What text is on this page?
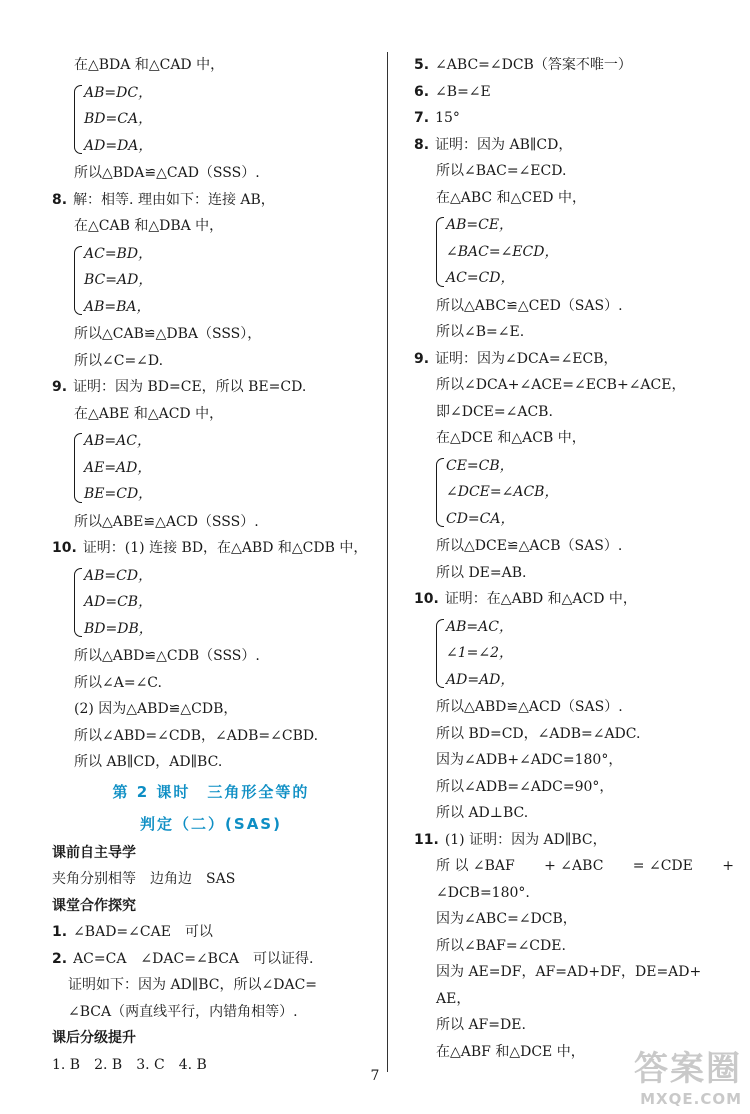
在△BDA 和△CAD 中，
AB=DC，
BD=CA，
AD=DA，
所以△BDA≌△CAD（SSS）.
8. 解：相等. 理由如下：连接 AB，
在△CAB 和△DBA 中，
AC=BD，
BC=AD，
AB=BA，
所以△CAB≌△DBA（SSS），
所以∠C=∠D.
9. 证明：因为 BD=CE，所以 BE=CD.
在△ABE 和△ACD 中，
AB=AC，
AE=AD，
BE=CD，
所以△ABE≌△ACD（SSS）.
10. 证明：(1) 连接 BD，在△ABD 和△CDB 中，
AB=CD，
AD=CB，
BD=DB，
所以△ABD≌△CDB（SSS）.
所以∠A=∠C.
(2) 因为△ABD≌△CDB，
所以∠ABD=∠CDB，∠ADB=∠CBD.
所以 AB∥CD，AD∥BC.
第 2 课时　三角形全等的
判定（二）(SAS)
课前自主导学
夹角分别相等　边角边　SAS
课堂合作探究
1. ∠BAD=∠CAE　可以
2. AC=CA　∠DAC=∠BCA　可以证得.
证明如下：因为 AD∥BC，所以∠DAC=
∠BCA（两直线平行，内错角相等）.
课后分级提升
1. B　2. B　3. C　4. B
5. ∠ABC=∠DCB（答案不唯一）
6. ∠B=∠E
7. 15°
8. 证明：因为 AB∥CD，
所以∠BAC=∠ECD.
在△ABC 和△CED 中，
AB=CE，
∠BAC=∠ECD，
AC=CD，
所以△ABC≌△CED（SAS）.
所以∠B=∠E.
9. 证明：因为∠DCA=∠ECB，
所以∠DCA+∠ACE=∠ECB+∠ACE，
即∠DCE=∠ACB.
在△DCE 和△ACB 中，
CE=CB，
∠DCE=∠ACB，
CD=CA，
所以△DCE≌△ACB（SAS）.
所以 DE=AB.
10. 证明：在△ABD 和△ACD 中，
AB=AC，
∠1=∠2，
AD=AD，
所以△ABD≌△ACD（SAS）.
所以 BD=CD，∠ADB=∠ADC.
因为∠ADB+∠ADC=180°，
所以∠ADB=∠ADC=90°，
所以 AD⊥BC.
11. (1) 证明：因为 AD∥BC，
所 以 ∠BAF + ∠ABC = ∠CDE +
∠DCB=180°.
因为∠ABC=∠DCB，
所以∠BAF=∠CDE.
因为 AE=DF，AF=AD+DF，DE=AD+
AE，
所以 AF=DE.
在△ABF 和△DCE 中，
7	答案圈
MXQE.COM
